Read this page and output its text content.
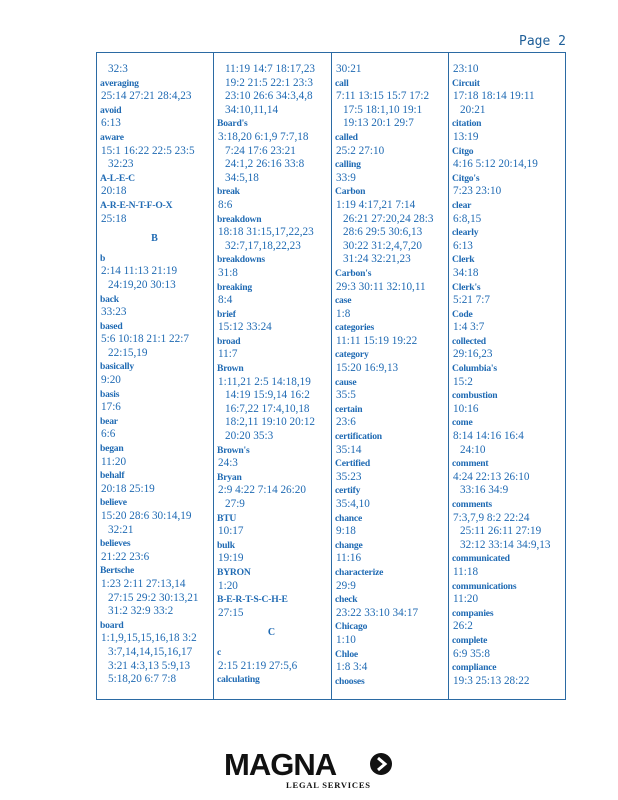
Page 2
32:3
averaging
25:14 27:21 28:4,23
avoid
6:13
aware
15:1 16:22 22:5 23:5
32:23
A-L-E-C
20:18
A-R-E-N-T-F-O-X
25:18
B
b
2:14 11:13 21:19
24:19,20 30:13
back
33:23
based
5:6 10:18 21:1 22:7
22:15,19
basically
9:20
basis
17:6
bear
6:6
began
11:20
behalf
20:18 25:19
believe
15:20 28:6 30:14,19
32:21
believes
21:22 23:6
Bertsche
1:23 2:11 27:13,14
27:15 29:2 30:13,21
31:2 32:9 33:2
board
1:1,9,15,15,16,18 3:2
3:7,14,14,15,16,17
3:21 4:3,13 5:9,13
5:18,20 6:7 7:8
11:19 14:7 18:17,23
19:2 21:5 22:1 23:3
23:10 26:6 34:3,4,8
34:10,11,14
Board's
3:18,20 6:1,9 7:7,18
7:24 17:6 23:21
24:1,2 26:16 33:8
34:5,18
break
8:6
breakdown
18:18 31:15,17,22,23
32:7,17,18,22,23
breakdowns
31:8
breaking
8:4
brief
15:12 33:24
broad
11:7
Brown
1:11,21 2:5 14:18,19
14:19 15:9,14 16:2
16:7,22 17:4,10,18
18:2,11 19:10 20:12
20:20 35:3
Brown's
24:3
Bryan
2:9 4:22 7:14 26:20
27:9
BTU
10:17
bulk
19:19
BYRON
1:20
B-E-R-T-S-C-H-E
27:15
C
c
2:15 21:19 27:5,6
calculating
30:21
call
7:11 13:15 15:7 17:2
17:5 18:1,10 19:1
19:13 20:1 29:7
called
25:2 27:10
calling
33:9
Carbon
1:19 4:17,21 7:14
26:21 27:20,24 28:3
28:6 29:5 30:6,13
30:22 31:2,4,7,20
31:24 32:21,23
Carbon's
29:3 30:11 32:10,11
case
1:8
categories
11:11 15:19 19:22
category
15:20 16:9,13
cause
35:5
certain
23:6
certification
35:14
Certified
35:23
certify
35:4,10
chance
9:18
change
11:16
characterize
29:9
check
23:22 33:10 34:17
Chicago
1:10
Chloe
1:8 3:4
chooses
23:10
Circuit
17:18 18:14 19:11
20:21
citation
13:19
Citgo
4:16 5:12 20:14,19
Citgo's
7:23 23:10
clear
6:8,15
clearly
6:13
Clerk
34:18
Clerk's
5:21 7:7
Code
1:4 3:7
collected
29:16,23
Columbia's
15:2
combustion
10:16
come
8:14 14:16 16:4
24:10
comment
4:24 22:13 26:10
33:16 34:9
comments
7:3,7,9 8:2 22:24
25:11 26:11 27:19
32:12 33:14 34:9,13
communicated
11:18
communications
11:20
companies
26:2
complete
6:9 35:8
compliance
19:3 25:13 28:22
MAGNA
LEGAL SERVICES
